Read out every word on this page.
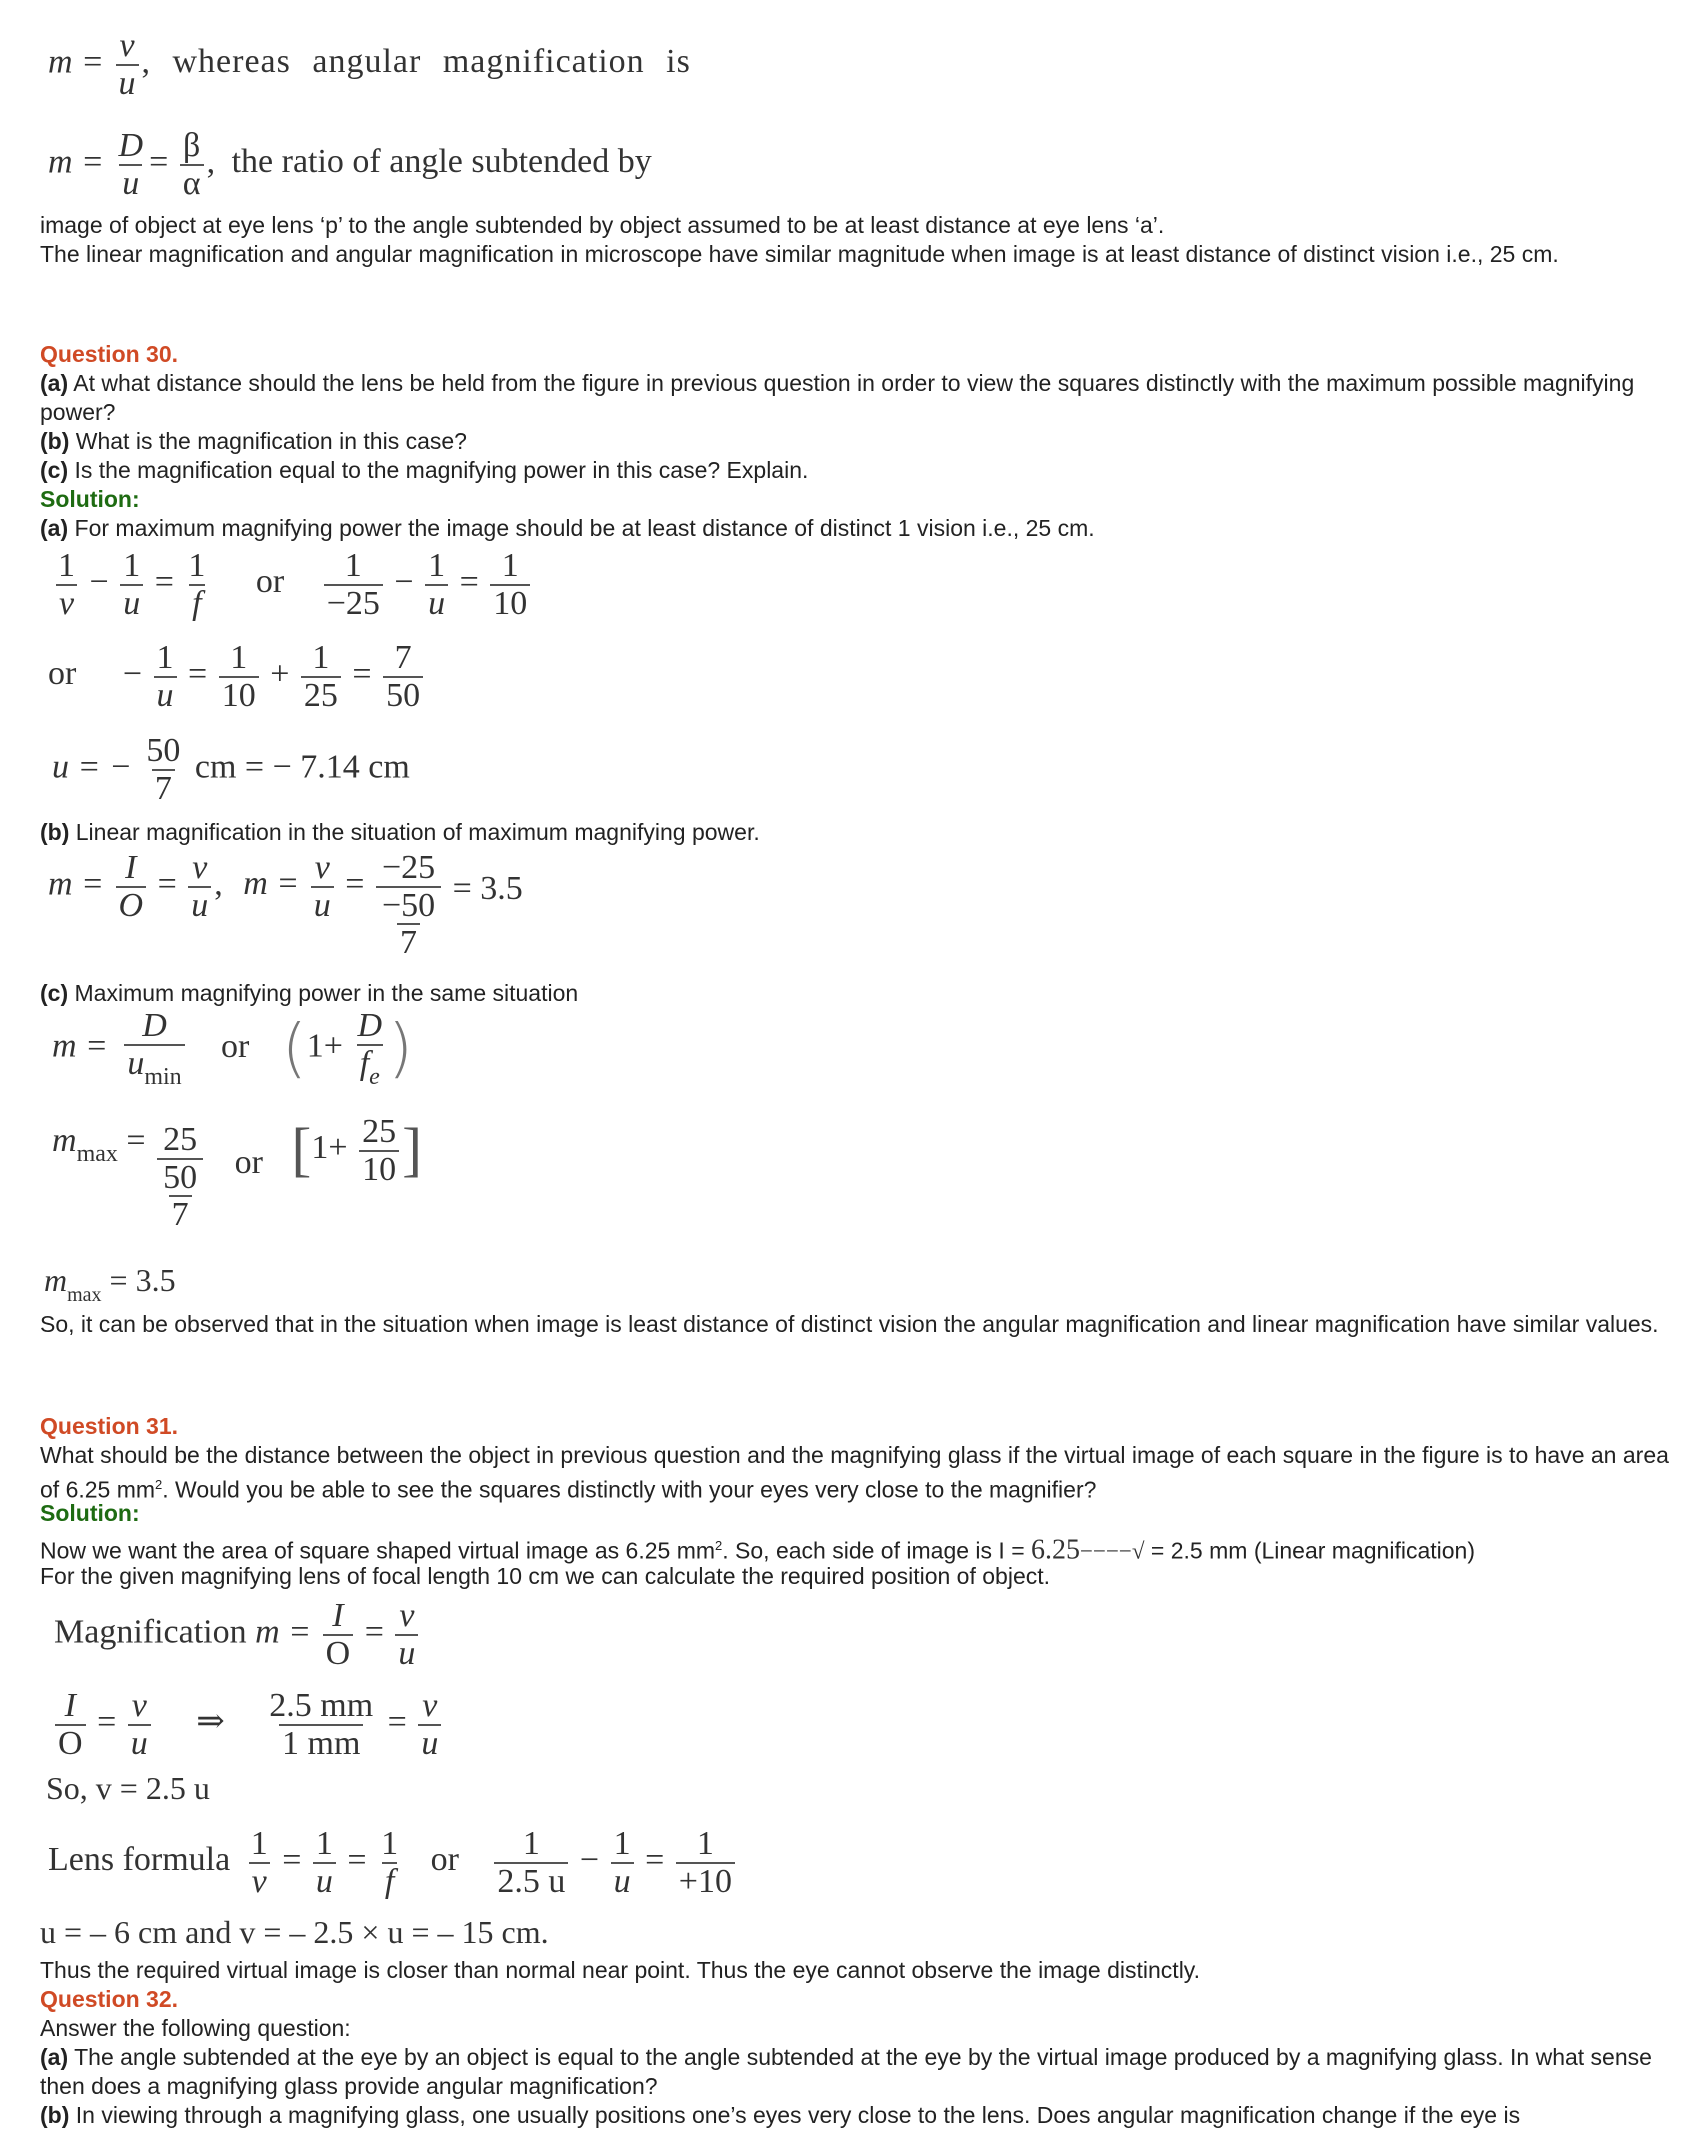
$m = \frac{v}{u}$ , whereas angular magnification is
$m = \frac{D}{u} = \frac{\beta}{\alpha}$ , the ratio of angle subtended by
image of object at eye lens ‘p’ to the angle subtended by object assumed to be at least distance at eye lens ‘a’.
The linear magnification and angular magnification in microscope have similar magnitude when image is at least distance of distinct vision i.e., 25 cm.
Question 30.
(a) At what distance should the lens be held from the figure in previous question in order to view the squares distinctly with the maximum possible magnifying power?
(b) What is the magnification in this case?
(c) Is the magnification equal to the magnifying power in this case? Explain.
Solution:
(a) For maximum magnifying power the image should be at least distance of distinct 1 vision i.e., 25 cm.
$\frac{1}{v} - \frac{1}{u} = \frac{1}{f}$ or $\frac{1}{-25} - \frac{1}{u} = \frac{1}{10}$
or − $\frac{1}{u} = \frac{1}{10} + \frac{1}{25} = \frac{7}{50}$
u = − $\frac{50}{7}$ cm = − 7.14 cm
(b) Linear magnification in the situation of maximum magnifying power.
$m = \frac{I}{O} = \frac{v}{u}$ , $m = \frac{v}{u} = \frac{-25}{\frac{-50}{7}} = 3.5$
(c) Maximum magnifying power in the same situation
$m = \frac{D}{u_{min}}$ or ($1+ \frac{D}{f_e}$ )
$m_{max} = \frac{25}{\frac{50}{7}}$ or [$1+ \frac{25}{10}$ ]
$m_{max} = 3.5$
So, it can be observed that in the situation when image is least distance of distinct vision the angular magnification and linear magnification have similar values.
Question 31.
What should be the distance between the object in previous question and the magnifying glass if the virtual image of each square in the figure is to have an area of 6.25 $mm^2$. Would you be able to see the squares distinctly with your eyes very close to the magnifier?
Solution:
Now we want the area of square shaped virtual image as 6.25 $mm^2$. So, each side of image is I = 6.25−−−−√ = 2.5 mm (Linear magnification)
For the given magnifying lens of focal length 10 cm we can calculate the required position of object.
Magnification $m = \frac{I}{O} = \frac{v}{u}$
$\frac{I}{O} = \frac{v}{u}$ ⇒ $\frac{2.5 mm}{1 mm} = \frac{v}{u}$
So, v = 2.5 u
Lens formula $\frac{1}{v} = \frac{1}{u} = \frac{1}{f}$ or $\frac{1}{2.5 u} - \frac{1}{u} = \frac{1}{+10}$
u = – 6 cm and v = – 2.5 × u = – 15 cm.
Thus the required virtual image is closer than normal near point. Thus the eye cannot observe the image distinctly.
Question 32.
Answer the following question:
(a) The angle subtended at the eye by an object is equal to the angle subtended at the eye by the virtual image produced by a magnifying glass. In what sense then does a magnifying glass provide angular magnification?
(b) In viewing through a magnifying glass, one usually positions one’s eyes very close to the lens. Does angular magnification change if the eye is
